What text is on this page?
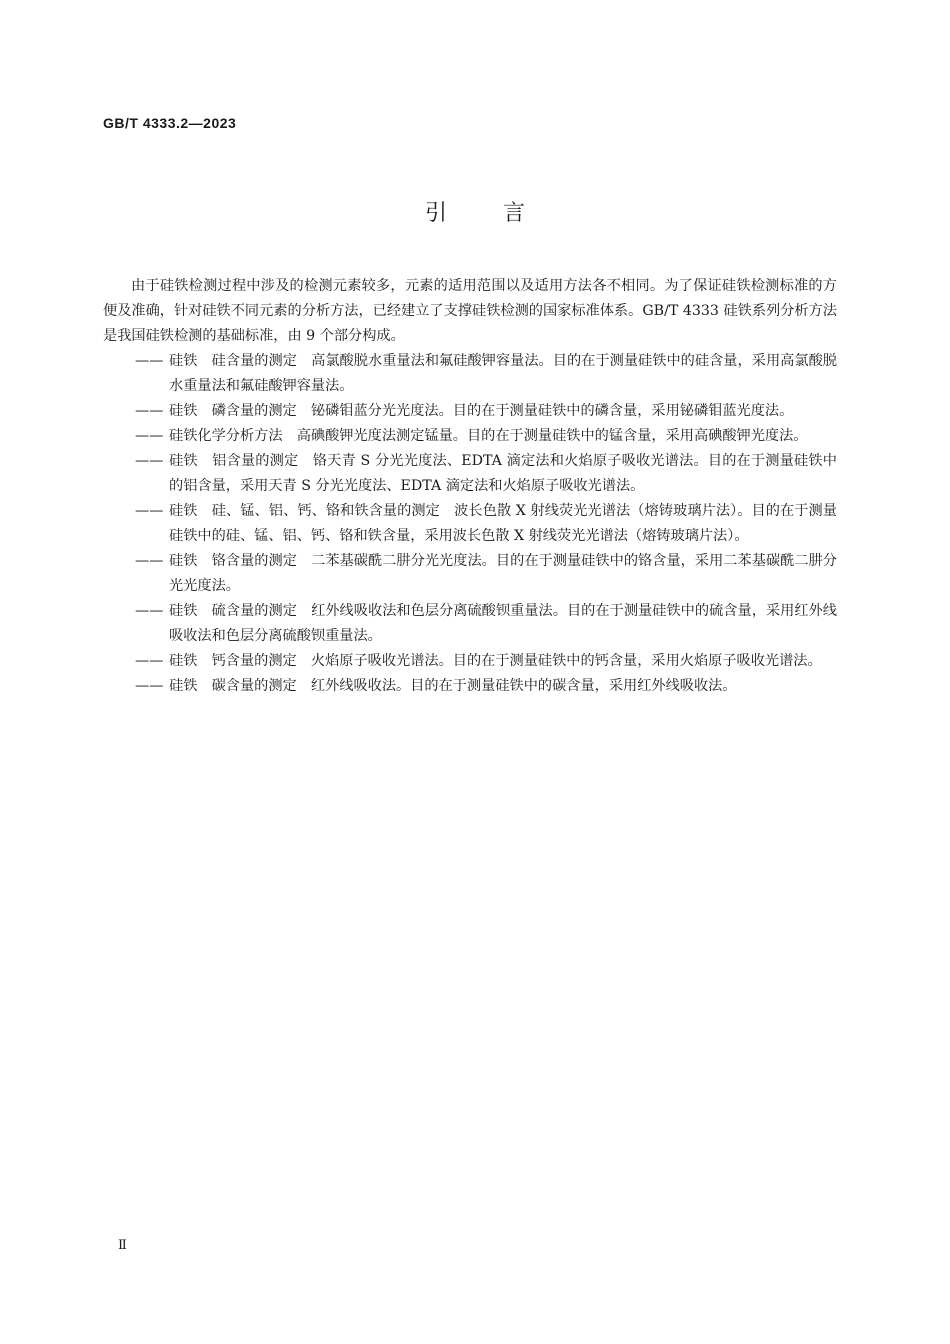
GB/T 4333.2—2023
引言

由于硅铁检测过程中涉及的检测元素较多，元素的适用范围以及适用方法各不相同。为了保证硅铁检测标准的方便及准确，针对硅铁不同元素的分析方法，已经建立了支撑硅铁检测的国家标准体系。GB/T 4333 硅铁系列分析方法是我国硅铁检测的基础标准，由 9 个部分构成。

—— 硅铁　硅含量的测定　高氯酸脱水重量法和氟硅酸钾容量法。目的在于测量硅铁中的硅含量，采用高氯酸脱水重量法和氟硅酸钾容量法。
—— 硅铁　磷含量的测定　铋磷钼蓝分光光度法。目的在于测量硅铁中的磷含量，采用铋磷钼蓝光度法。
—— 硅铁化学分析方法　高碘酸钾光度法测定锰量。目的在于测量硅铁中的锰含量，采用高碘酸钾光度法。
—— 硅铁　铝含量的测定　铬天青 S 分光光度法、EDTA 滴定法和火焰原子吸收光谱法。目的在于测量硅铁中的铝含量，采用天青 S 分光光度法、EDTA 滴定法和火焰原子吸收光谱法。
—— 硅铁　硅、锰、铝、钙、铬和铁含量的测定　波长色散 X 射线荧光光谱法（熔铸玻璃片法）。目的在于测量硅铁中的硅、锰、铝、钙、铬和铁含量，采用波长色散 X 射线荧光光谱法（熔铸玻璃片法）。
—— 硅铁　铬含量的测定　二苯基碳酰二肼分光光度法。目的在于测量硅铁中的铬含量，采用二苯基碳酰二肼分光光度法。
—— 硅铁　硫含量的测定　红外线吸收法和色层分离硫酸钡重量法。目的在于测量硅铁中的硫含量，采用红外线吸收法和色层分离硫酸钡重量法。
—— 硅铁　钙含量的测定　火焰原子吸收光谱法。目的在于测量硅铁中的钙含量，采用火焰原子吸收光谱法。
—— 硅铁　碳含量的测定　红外线吸收法。目的在于测量硅铁中的碳含量，采用红外线吸收法。
Ⅱ
